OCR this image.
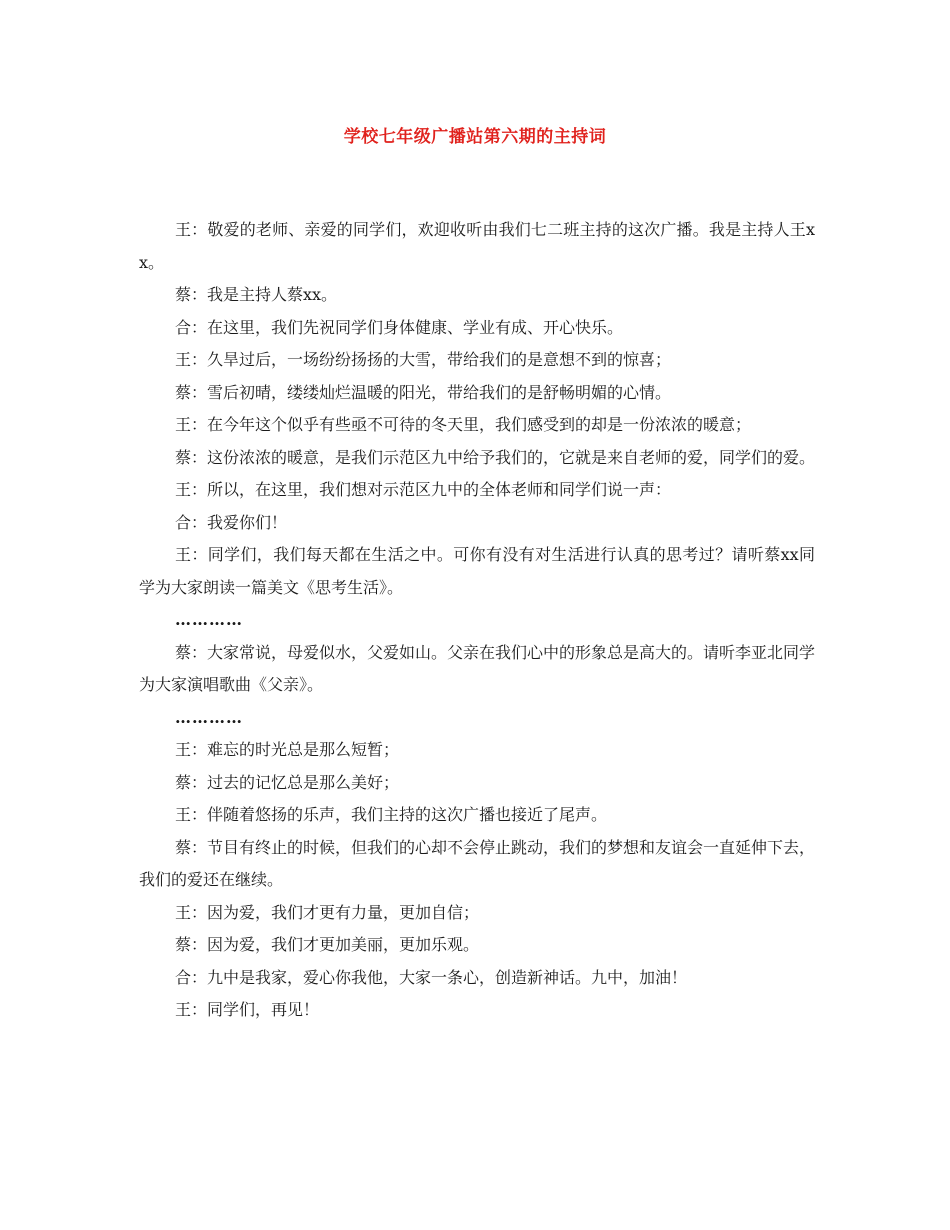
学校七年级广播站第六期的主持词

王：敬爱的老师、亲爱的同学们，欢迎收听由我们七二班主持的这次广播。我是主持人王xx。

蔡：我是主持人蔡xx。

合：在这里，我们先祝同学们身体健康、学业有成、开心快乐。

王：久旱过后，一场纷纷扬扬的大雪，带给我们的是意想不到的惊喜；

蔡：雪后初晴，缕缕灿烂温暖的阳光，带给我们的是舒畅明媚的心情。

王：在今年这个似乎有些亟不可待的冬天里，我们感受到的却是一份浓浓的暖意；

蔡：这份浓浓的暖意，是我们示范区九中给予我们的，它就是来自老师的爱，同学们的爱。

王：所以，在这里，我们想对示范区九中的全体老师和同学们说一声：

合：我爱你们！

王：同学们，我们每天都在生活之中。可你有没有对生活进行认真的思考过？请听蔡xx同学为大家朗读一篇美文《思考生活》。

…………

蔡：大家常说，母爱似水，父爱如山。父亲在我们心中的形象总是高大的。请听李亚北同学为大家演唱歌曲《父亲》。

…………

王：难忘的时光总是那么短暂；

蔡：过去的记忆总是那么美好；

王：伴随着悠扬的乐声，我们主持的这次广播也接近了尾声。

蔡：节目有终止的时候，但我们的心却不会停止跳动，我们的梦想和友谊会一直延伸下去，我们的爱还在继续。

王：因为爱，我们才更有力量，更加自信；

蔡：因为爱，我们才更加美丽，更加乐观。

合：九中是我家，爱心你我他，大家一条心，创造新神话。九中，加油！

王：同学们，再见！
